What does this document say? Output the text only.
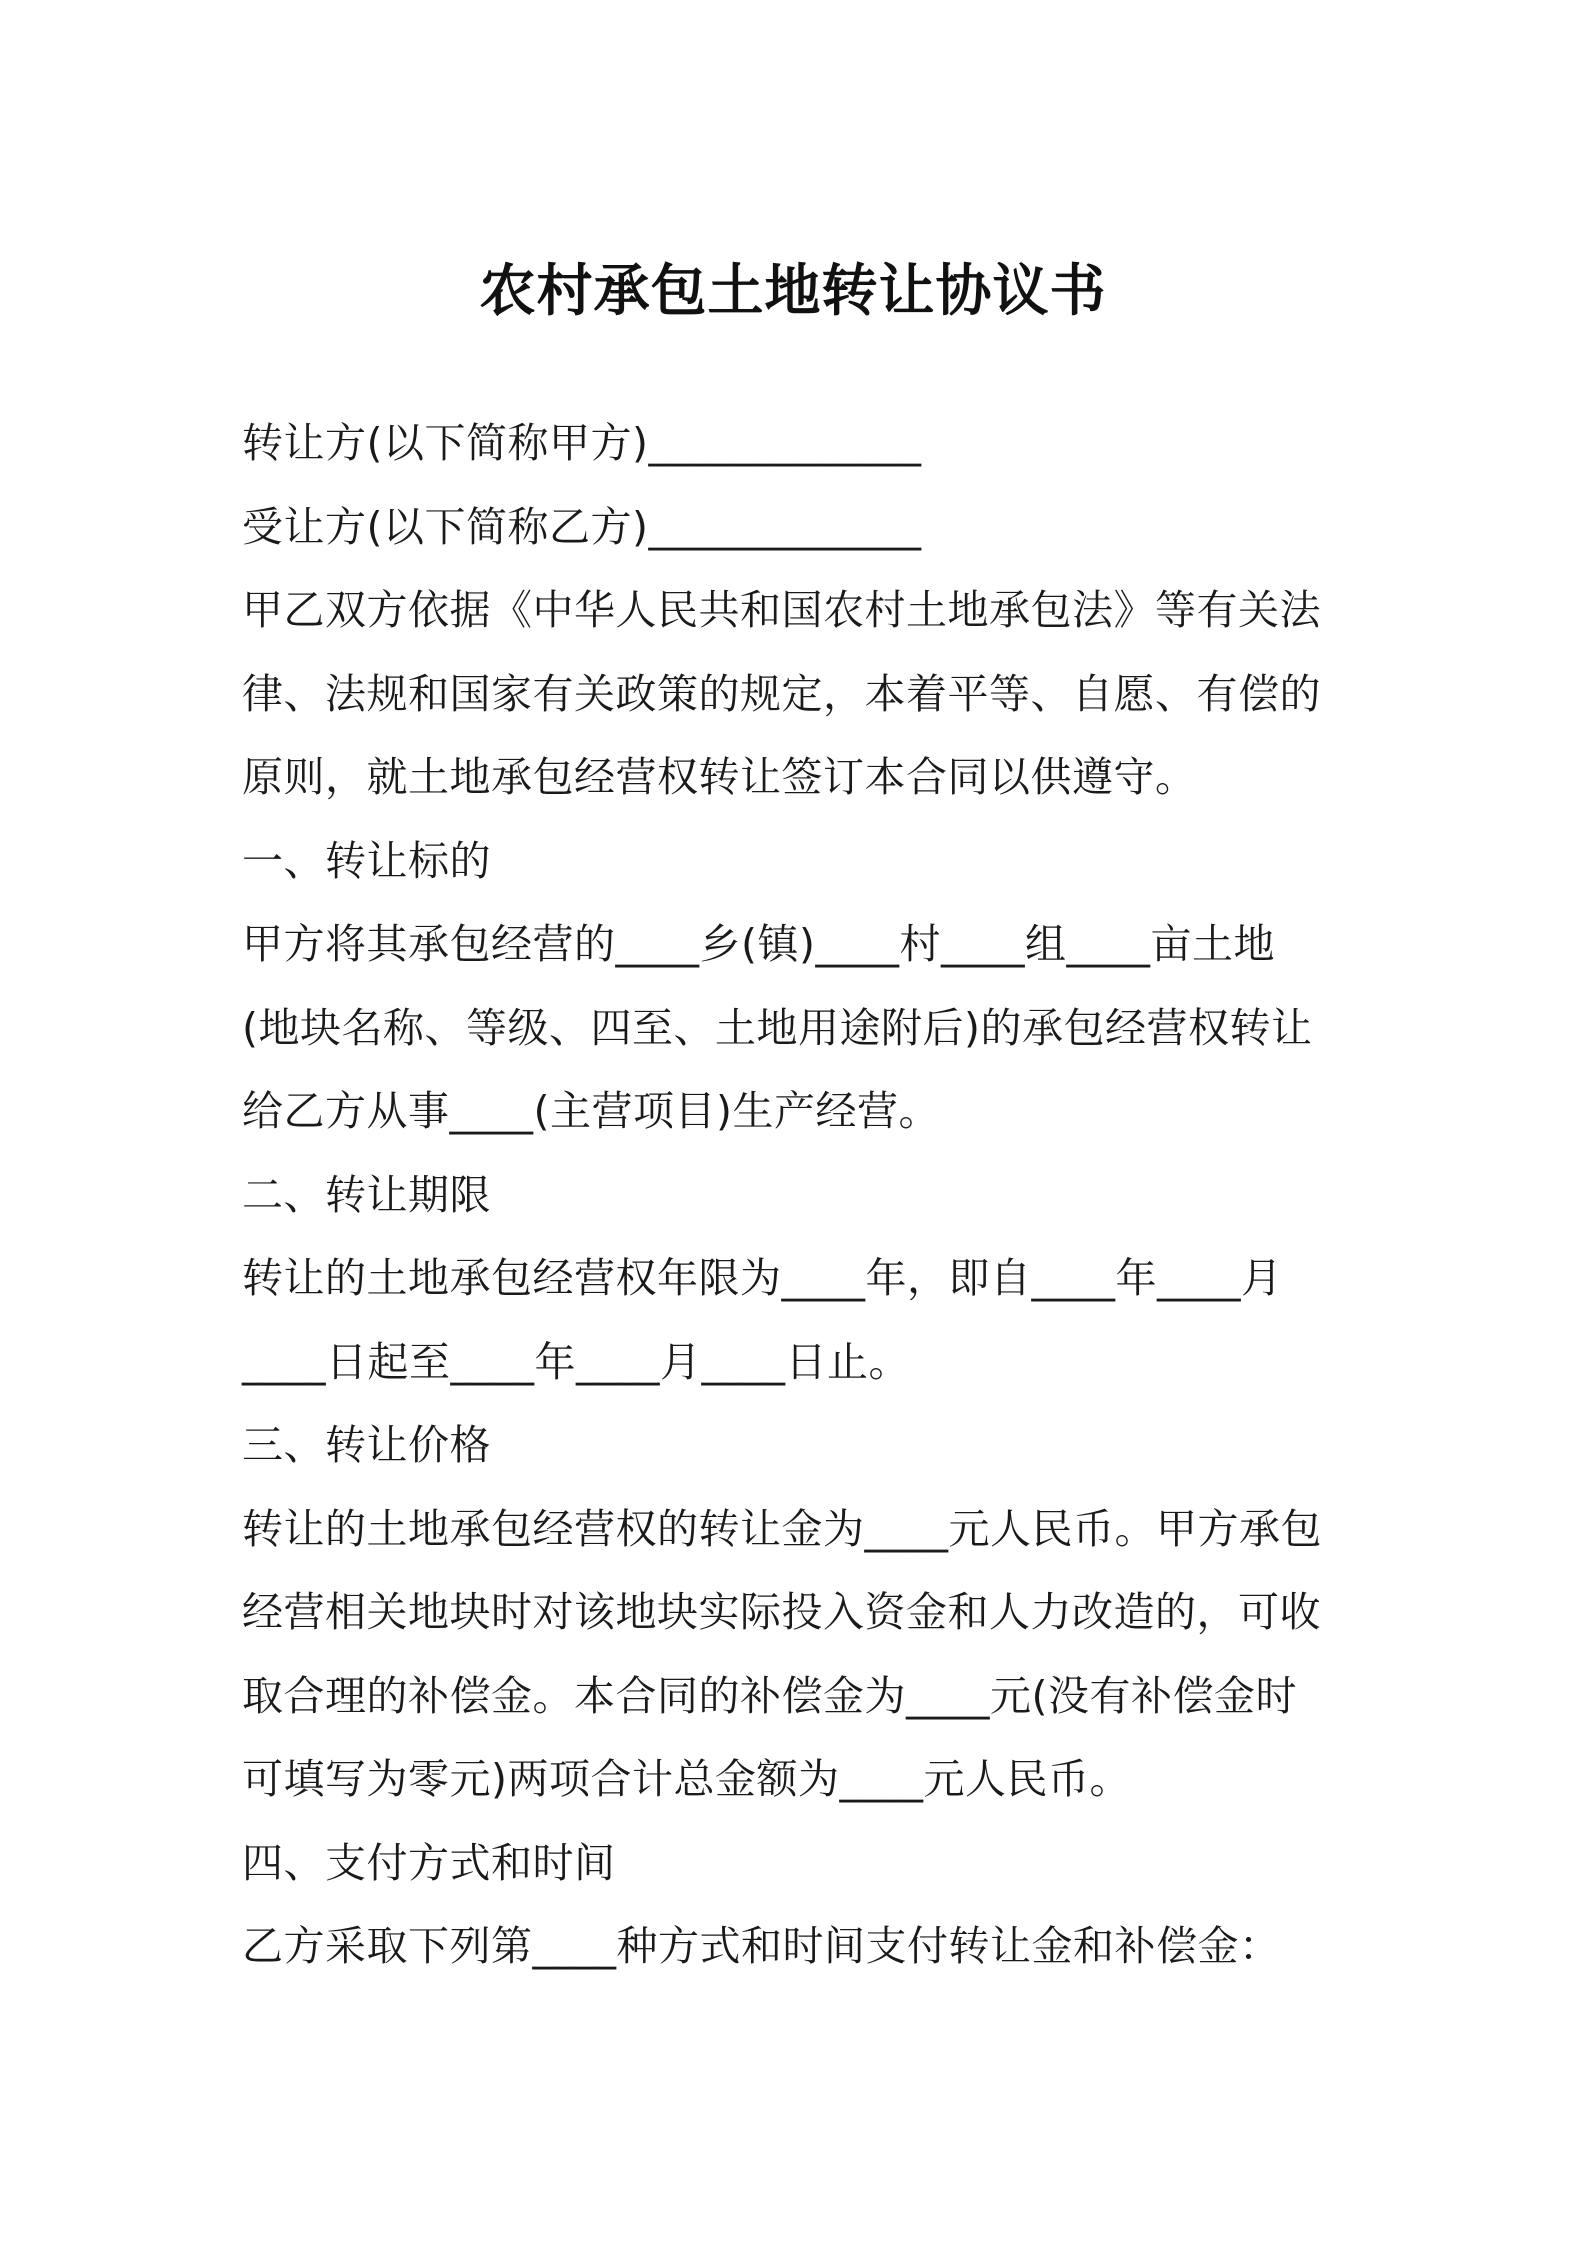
农村承包土地转让协议书
转让方(以下简称甲方)_____________
受让方(以下简称乙方)_____________
甲乙双方依据《中华人民共和国农村土地承包法》等有关法
律、法规和国家有关政策的规定，本着平等、自愿、有偿的
原则，就土地承包经营权转让签订本合同以供遵守。
一、转让标的
甲方将其承包经营的____乡(镇)____村____组____亩土地
(地块名称、等级、四至、土地用途附后)的承包经营权转让
给乙方从事____(主营项目)生产经营。
二、转让期限
转让的土地承包经营权年限为____年，即自____年____月
____日起至____年____月____日止。
三、转让价格
转让的土地承包经营权的转让金为____元人民币。甲方承包
经营相关地块时对该地块实际投入资金和人力改造的，可收
取合理的补偿金。本合同的补偿金为____元(没有补偿金时
可填写为零元)两项合计总金额为____元人民币。
四、支付方式和时间
乙方采取下列第____种方式和时间支付转让金和补偿金：
